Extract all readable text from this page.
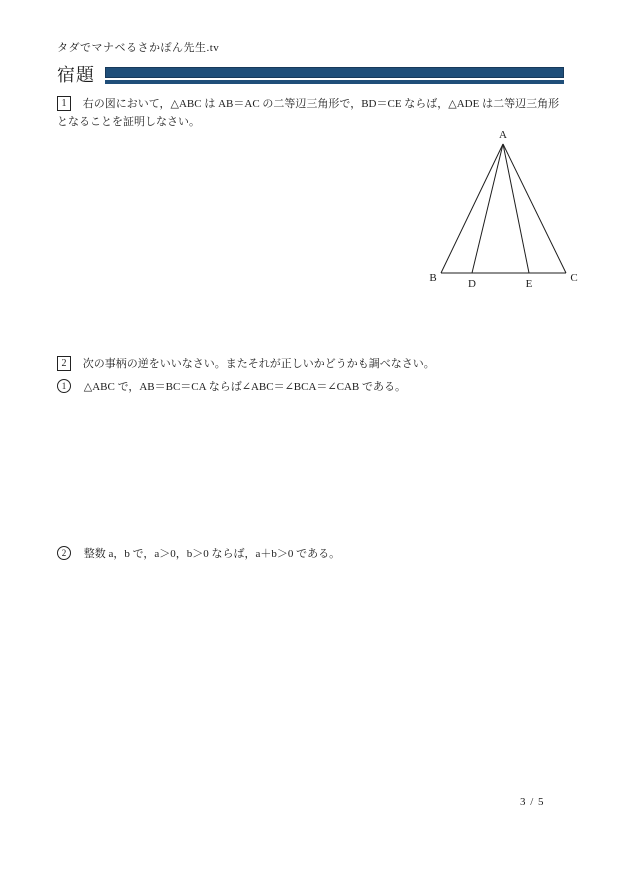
タダでマナベるさかぽん先生.tv
宿題

1 右の図において，△ABC は AB＝AC の二等辺三角形で，BD＝CE ならば，△ADE は二等辺三角形となることを証明しなさい。

A
B	C
D	E

2 次の事柄の逆をいいなさい。またそれが正しいかどうかも調べなさい。

1 △ABC で，AB＝BC＝CA ならば∠ABC＝∠BCA＝∠CAB である。

2 整数 a，b で，a＞0，b＞0 ならば，a＋b＞0 である。

3 / 5
